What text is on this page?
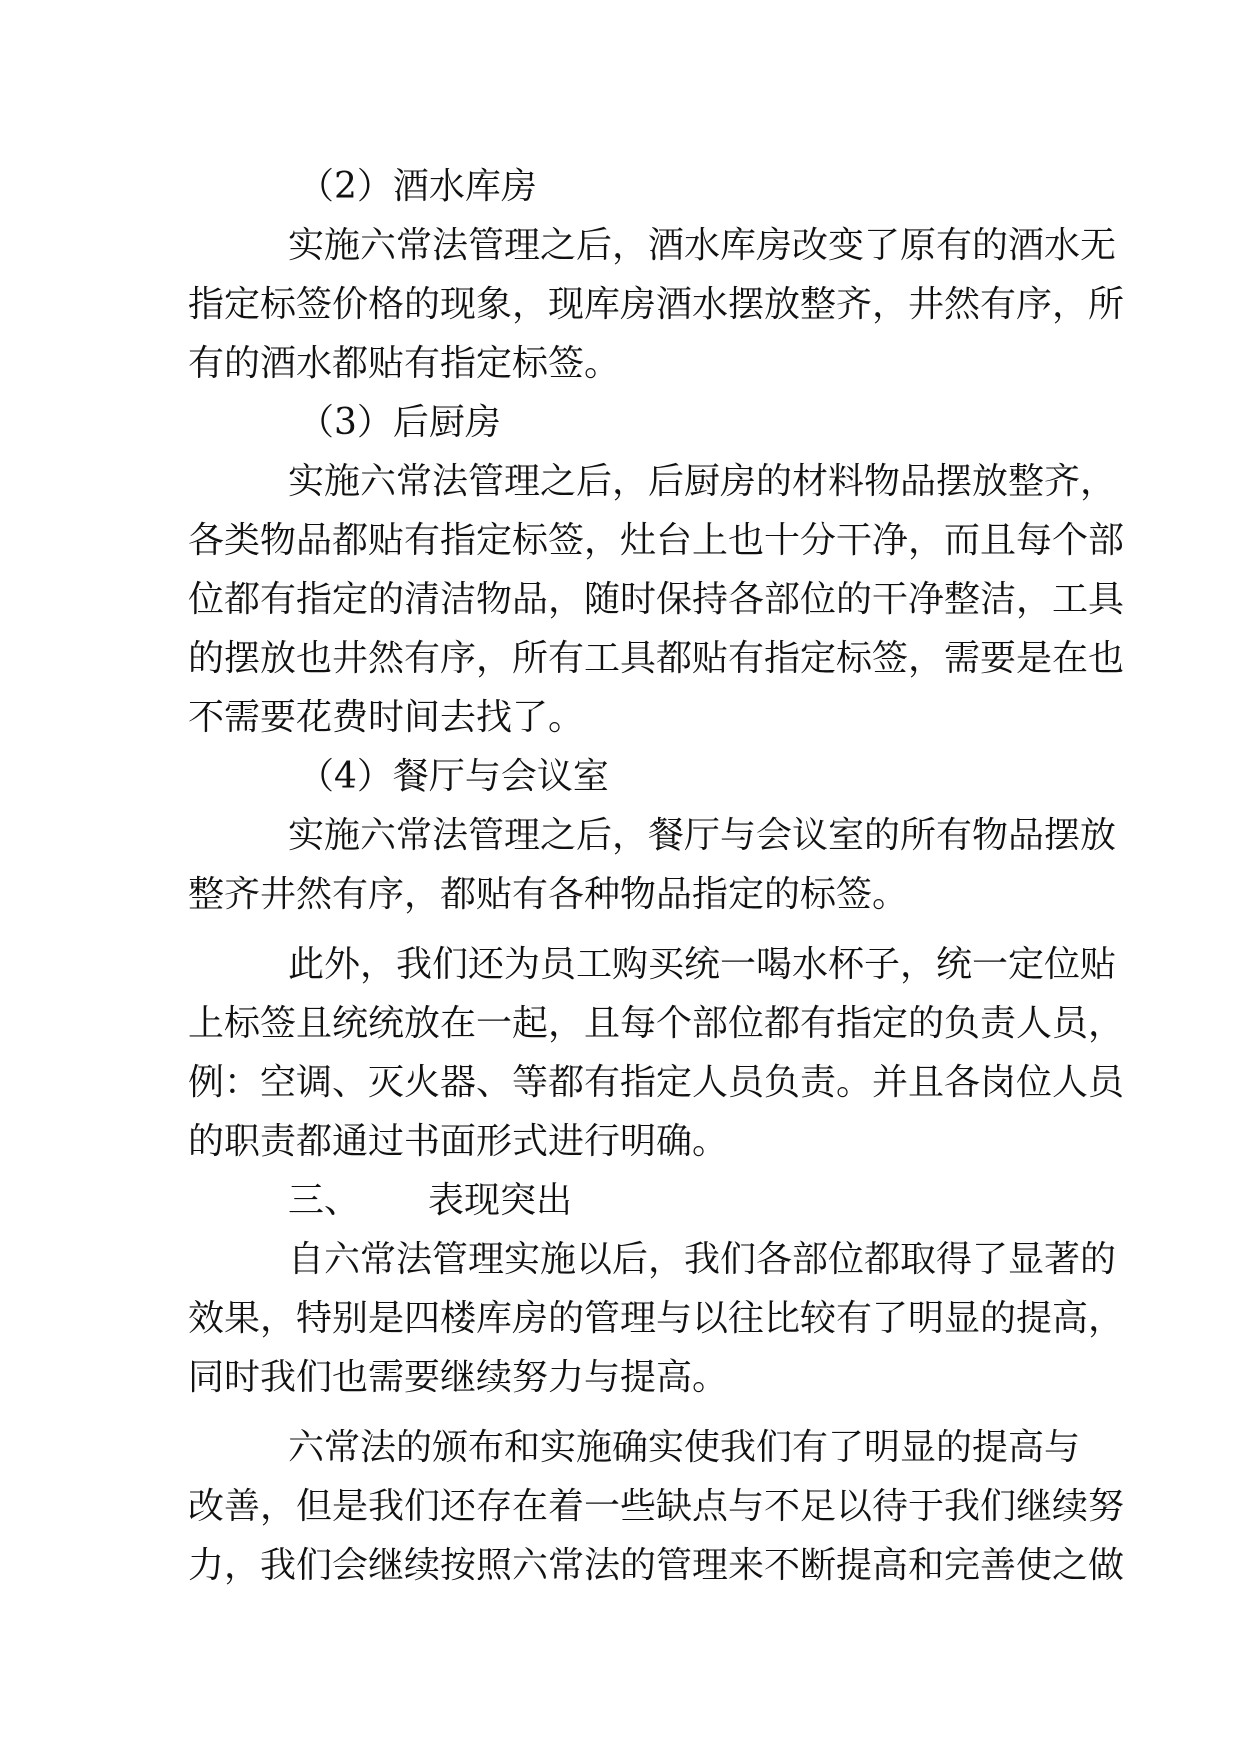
（2）酒水库房
实施六常法管理之后，酒水库房改变了原有的酒水无
指定标签价格的现象，现库房酒水摆放整齐，井然有序，所
有的酒水都贴有指定标签。
（3）后厨房
实施六常法管理之后，后厨房的材料物品摆放整齐，
各类物品都贴有指定标签，灶台上也十分干净，而且每个部
位都有指定的清洁物品，随时保持各部位的干净整洁，工具
的摆放也井然有序，所有工具都贴有指定标签，需要是在也
不需要花费时间去找了。
（4）餐厅与会议室
实施六常法管理之后，餐厅与会议室的所有物品摆放
整齐井然有序，都贴有各种物品指定的标签。
此外，我们还为员工购买统一喝水杯子，统一定位贴
上标签且统统放在一起，且每个部位都有指定的负责人员，
例：空调、灭火器、等都有指定人员负责。并且各岗位人员
的职责都通过书面形式进行明确。
三、 表现突出
自六常法管理实施以后，我们各部位都取得了显著的
效果，特别是四楼库房的管理与以往比较有了明显的提高，
同时我们也需要继续努力与提高。
六常法的颁布和实施确实使我们有了明显的提高与
改善，但是我们还存在着一些缺点与不足以待于我们继续努
力，我们会继续按照六常法的管理来不断提高和完善使之做
